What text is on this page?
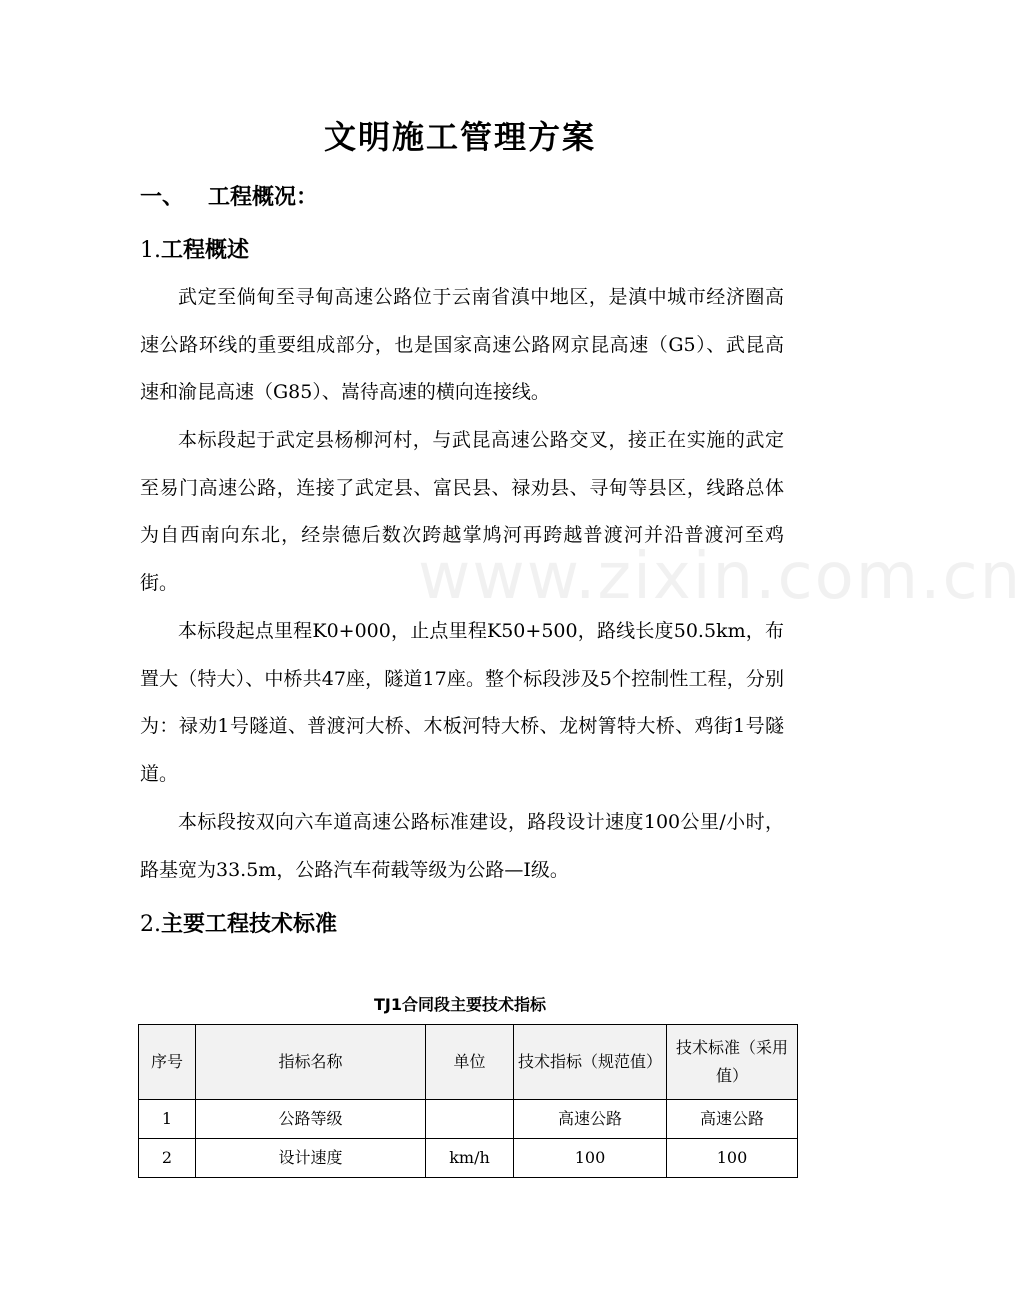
文明施工管理方案
一、 工程概况：
1.工程概述
武定至倘甸至寻甸高速公路位于云南省滇中地区，是滇中城市经济圈高速公路环线的重要组成部分，也是国家高速公路网京昆高速（G5）、武昆高速和渝昆高速（G85）、嵩待高速的横向连接线。
本标段起于武定县杨柳河村，与武昆高速公路交叉，接正在实施的武定至易门高速公路，连接了武定县、富民县、禄劝县、寻甸等县区，线路总体为自西南向东北，经崇德后数次跨越掌鸠河再跨越普渡河并沿普渡河至鸡街。
本标段起点里程K0+000，止点里程K50+500，路线长度50.5km，布置大（特大）、中桥共47座，隧道17座。整个标段涉及5个控制性工程，分别为：禄劝1号隧道、普渡河大桥、木板河特大桥、龙树箐特大桥、鸡街1号隧道。
本标段按双向六车道高速公路标准建设，路段设计速度100公里/小时，路基宽为33.5m，公路汽车荷载等级为公路—I级。
www.zixin.com.cn
2.主要工程技术标准
TJ1合同段主要技术指标
序号	指标名称	单位	技术指标（规范值）	技术标准（采用值）
1	公路等级		高速公路	高速公路
2	设计速度	km/h	100	100
